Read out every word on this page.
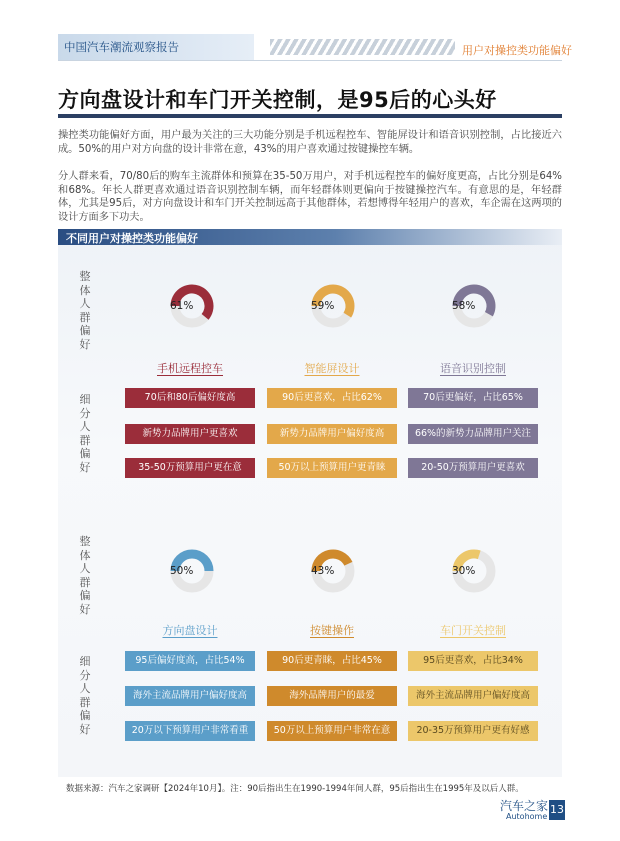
中国汽车潮流观察报告	用户对操控类功能偏好
方向盘设计和车门开关控制，是95后的心头好
操控类功能偏好方面，用户最为关注的三大功能分别是手机远程控车、智能屏设计和语音识别控制，占比接近六成。50%的用户对方向盘的设计非常在意，43%的用户喜欢通过按键操控车辆。
分人群来看，70/80后的购车主流群体和预算在35-50万用户，对手机远程控车的偏好度更高，占比分别是64%和68%。年长人群更喜欢通过语音识别控制车辆，而年轻群体则更偏向于按键操控汽车。有意思的是，年轻群体，尤其是95后，对方向盘设计和车门开关控制远高于其他群体，若想博得年轻用户的喜欢，车企需在这两项的设计方面多下功夫。
不同用户对操控类功能偏好
整体人群偏好
细分人群偏好
整体人群偏好
细分人群偏好
61%
手机远程控车
70后和80后偏好度高
新势力品牌用户更喜欢
35-50万预算用户更在意
59%
智能屏设计
90后更喜欢，占比62%
新势力品牌用户偏好度高
50万以上预算用户更青睐
58%
语音识别控制
70后更偏好，占比65%
66%的新势力品牌用户关注
20-50万预算用户更喜欢
50%
方向盘设计
95后偏好度高，占比54%
海外主流品牌用户偏好度高
20万以下预算用户非常看重
43%
按键操作
90后更青睐，占比45%
海外品牌用户的最爱
50万以上预算用户非常在意
30%
车门开关控制
95后更喜欢，占比34%
海外主流品牌用户偏好度高
20-35万预算用户更有好感
数据来源：汽车之家调研【2024年10月】。注：90后指出生在1990-1994年间人群，95后指出生在1995年及以后人群。
汽车之家
Autohome
13
